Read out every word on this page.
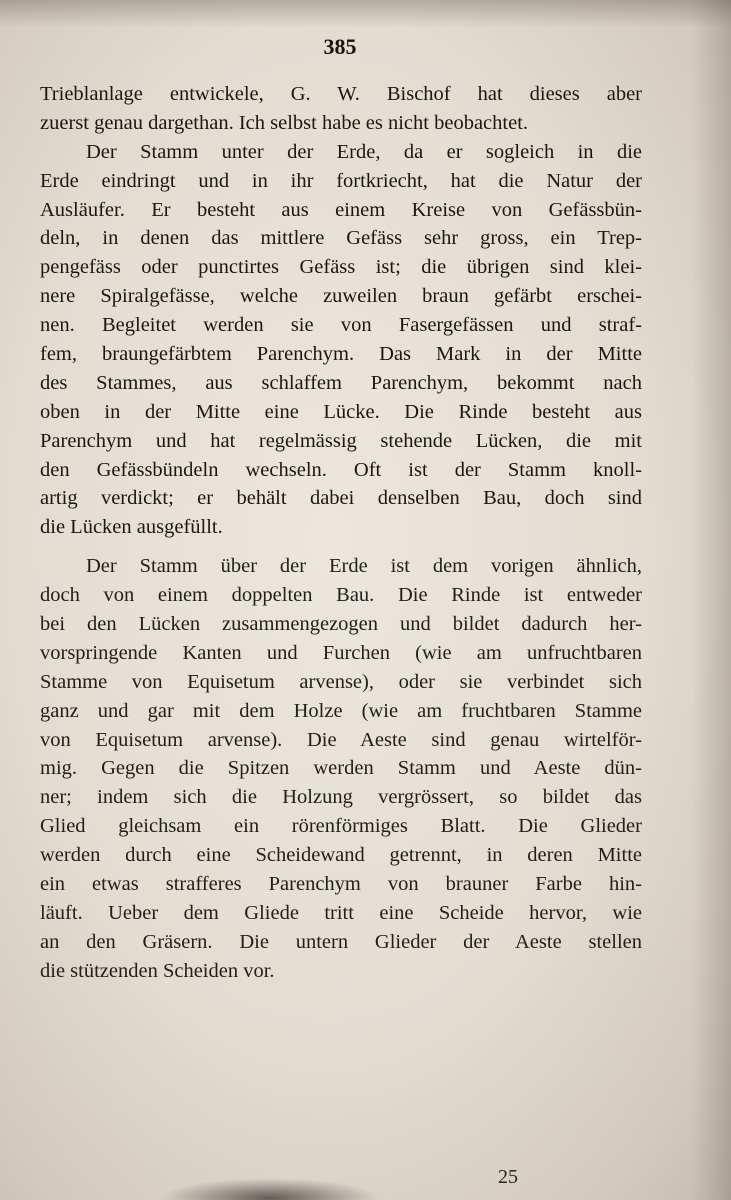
385
Trieblanlage entwickele, G. W. Bischof hat dieses aber
zuerst genau dargethan. Ich selbst habe es nicht beobachtet.
Der Stamm unter der Erde, da er sogleich in die
Erde eindringt und in ihr fortkriecht, hat die Natur der
Ausläufer. Er besteht aus einem Kreise von Gefässbün-
deln, in denen das mittlere Gefäss sehr gross, ein Trep-
pengefäss oder punctirtes Gefäss ist; die übrigen sind klei-
nere Spiralgefässe, welche zuweilen braun gefärbt erschei-
nen. Begleitet werden sie von Fasergefässen und straf-
fem, braungefärbtem Parenchym. Das Mark in der Mitte
des Stammes, aus schlaffem Parenchym, bekommt nach
oben in der Mitte eine Lücke. Die Rinde besteht aus
Parenchym und hat regelmässig stehende Lücken, die mit
den Gefässbündeln wechseln. Oft ist der Stamm knoll-
artig verdickt; er behält dabei denselben Bau, doch sind
die Lücken ausgefüllt.
Der Stamm über der Erde ist dem vorigen ähnlich,
doch von einem doppelten Bau. Die Rinde ist entweder
bei den Lücken zusammengezogen und bildet dadurch her-
vorspringende Kanten und Furchen (wie am unfruchtbaren
Stamme von Equisetum arvense), oder sie verbindet sich
ganz und gar mit dem Holze (wie am fruchtbaren Stamme
von Equisetum arvense). Die Aeste sind genau wirtelför-
mig. Gegen die Spitzen werden Stamm und Aeste dün-
ner; indem sich die Holzung vergrössert, so bildet das
Glied gleichsam ein rörenförmiges Blatt. Die Glieder
werden durch eine Scheidewand getrennt, in deren Mitte
ein etwas strafferes Parenchym von brauner Farbe hin-
läuft. Ueber dem Gliede tritt eine Scheide hervor, wie
an den Gräsern. Die untern Glieder der Aeste stellen
die stützenden Scheiden vor.
25
